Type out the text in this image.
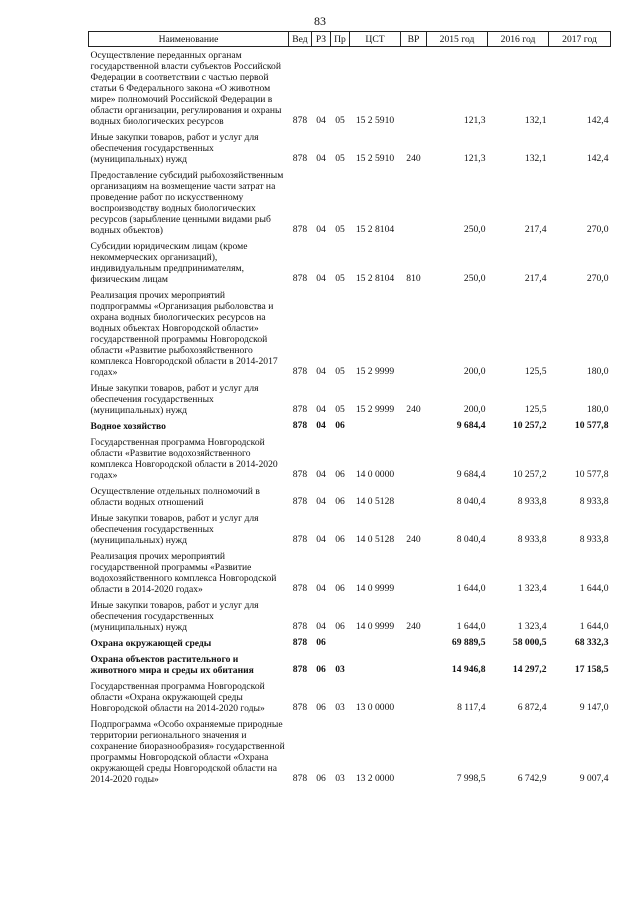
83
Наименование	Вед	РЗ	Пр	ЦСТ	ВР	2015 год	2016 год	2017 год
Осуществление переданных органам государственной власти субъектов Российской Федерации в соответствии с частью первой статьи 6 Федерального закона «О животном мире» полномочий Российской Федерации в области организации, регулирования и охраны водных биологических ресурсов	878	04	05	15 2 5910		121,3	132,1	142,4
Иные закупки товаров, работ и услуг для обеспечения государственных (муниципальных) нужд	878	04	05	15 2 5910	240	121,3	132,1	142,4
Предоставление субсидий рыбохозяйственным организациям на возмещение части затрат на проведение работ по искусственному воспроизводству водных биологических ресурсов (зарыбление ценными видами рыб водных объектов)	878	04	05	15 2 8104		250,0	217,4	270,0
Субсидии юридическим лицам (кроме некоммерческих организаций), индивидуальным предпринимателям, физическим лицам	878	04	05	15 2 8104	810	250,0	217,4	270,0
Реализация прочих мероприятий подпрограммы «Организация рыболовства и охрана водных биологических ресурсов на водных объектах Новгородской области» государственной программы Новгородской области «Развитие рыбохозяйственного комплекса Новгородской области в 2014-2017 годах»	878	04	05	15 2 9999		200,0	125,5	180,0
Иные закупки товаров, работ и услуг для обеспечения государственных (муниципальных) нужд	878	04	05	15 2 9999	240	200,0	125,5	180,0
Водное хозяйство	878	04	06			9 684,4	10 257,2	10 577,8
Государственная программа Новгородской области «Развитие водохозяйственного комплекса Новгородской области в 2014-2020 годах»	878	04	06	14 0 0000		9 684,4	10 257,2	10 577,8
Осуществление отдельных полномочий в области водных отношений	878	04	06	14 0 5128		8 040,4	8 933,8	8 933,8
Иные закупки товаров, работ и услуг для обеспечения государственных (муниципальных) нужд	878	04	06	14 0 5128	240	8 040,4	8 933,8	8 933,8
Реализация прочих мероприятий государственной программы «Развитие водохозяйственного комплекса Новгородской области в 2014-2020 годах»	878	04	06	14 0 9999		1 644,0	1 323,4	1 644,0
Иные закупки товаров, работ и услуг для обеспечения государственных (муниципальных) нужд	878	04	06	14 0 9999	240	1 644,0	1 323,4	1 644,0
Охрана окружающей среды	878	06				69 889,5	58 000,5	68 332,3
Охрана объектов растительного и животного мира и среды их обитания	878	06	03			14 946,8	14 297,2	17 158,5
Государственная программа Новгородской области «Охрана окружающей среды Новгородской области на 2014-2020 годы»	878	06	03	13 0 0000		8 117,4	6 872,4	9 147,0
Подпрограмма «Особо охраняемые природные территории регионального значения и сохранение биоразнообразия» государственной программы Новгородской области «Охрана окружающей среды Новгородской области на 2014-2020 годы»	878	06	03	13 2 0000		7 998,5	6 742,9	9 007,4
